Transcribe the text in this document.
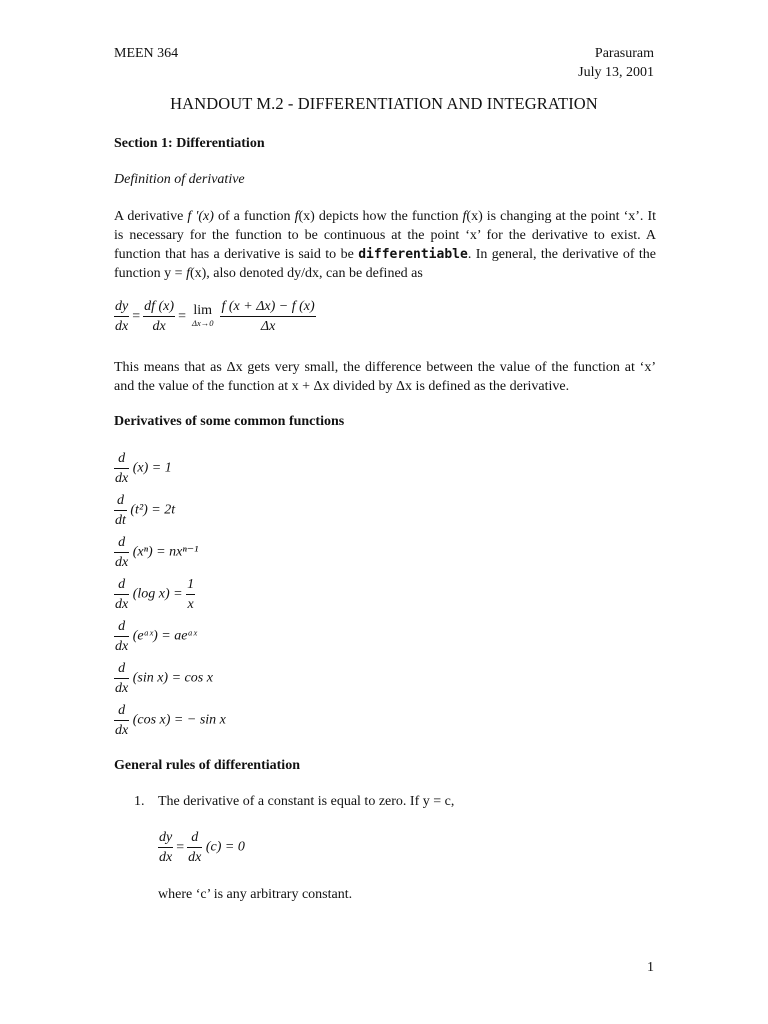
MEEN 364	Parasuram
July 13, 2001
HANDOUT M.2 - DIFFERENTIATION AND INTEGRATION
Section 1: Differentiation
Definition of derivative
A derivative f ′(x) of a function f(x) depicts how the function f(x) is changing at the point ‘x’. It is necessary for the function to be continuous at the point ‘x’ for the derivative to exist. A function that has a derivative is said to be differentiable. In general, the derivative of the function y = f(x), also denoted dy/dx, can be defined as
$\frac{dy}{dx} = \frac{df (x)}{dx} = \lim$
$\Delta x\to 0 \frac{f (x + \Delta x) - f (x)}{\Delta x}$
This means that as Δx gets very small, the difference between the value of the function at ‘x’ and the value of the function at x + Δx divided by Δx is defined as the derivative.
Derivatives of some common functions
$\frac{d}{dx} (x) = 1$
$\frac{d}{dt} (t^2) = 2t$
$\frac{d}{dx} (x^n) = nx^{n-1}$
$\frac{d}{dx} (\log$ $x) = \frac{1}{x}$
$\frac{d}{dx}$ (eᵃˣ) = aeᵃˣ
$\frac{d}{dx} (\sin$ x) = cos x
$\frac{d}{dx} (\cos$ x) = − sin x
General rules of differentiation
1. The derivative of a constant is equal to zero. If y = c,
$\frac{dy}{dx} = \frac{d}{dx} (c) = 0$
where ‘c’ is any arbitrary constant.
1
